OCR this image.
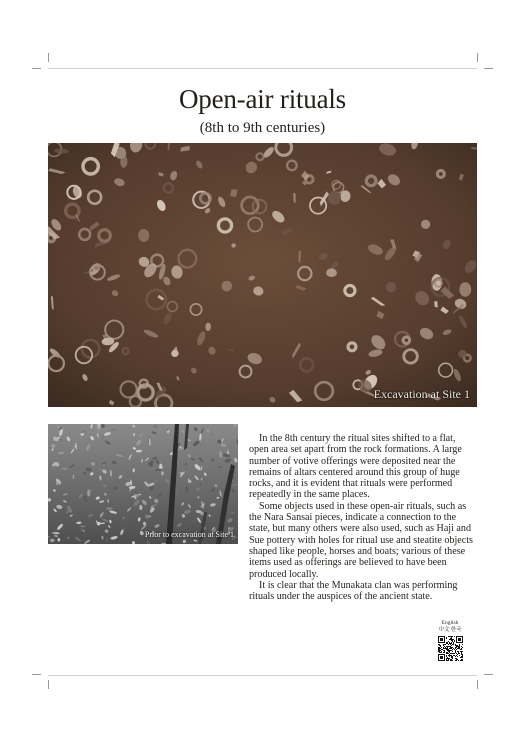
Open-air rituals
(8th to 9th centuries)
Excavation at Site 1
Prior to excavation at Site 1

In the 8th century the ritual sites shifted to a flat, open area set apart from the rock formations. A large number of votive offerings were deposited near the remains of altars centered around this group of huge rocks, and it is evident that rituals were performed repeatedly in the same places.

Some objects used in these open-air rituals, such as the Nara Sansai pieces, indicate a connection to the state, but many others were also used, such as Haji and Sue pottery with holes for ritual use and steatite objects shaped like people, horses and boats; various of these items used as offerings are believed to have been produced locally.

It is clear that the Munakata clan was performing rituals under the auspices of the ancient state.

English
中文 한국
